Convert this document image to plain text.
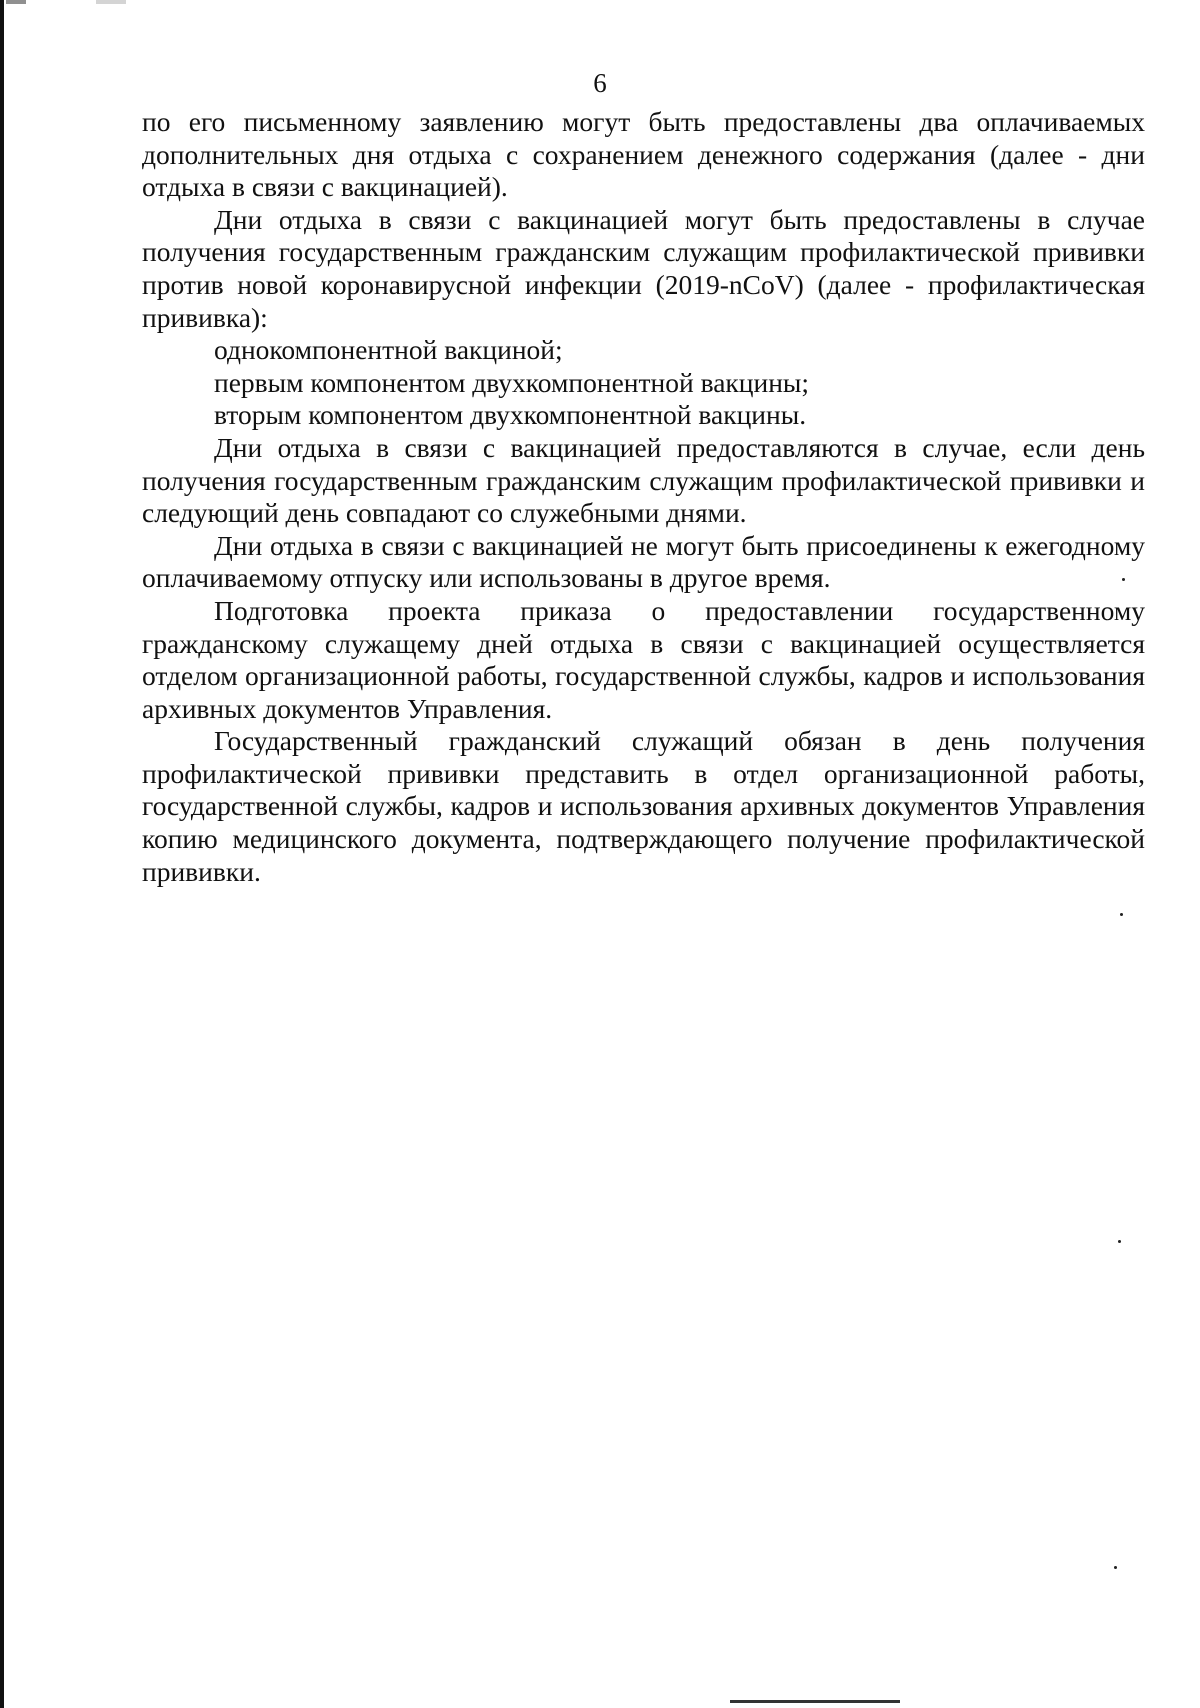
6

по его письменному заявлению могут быть предоставлены два оплачиваемых дополнительных дня отдыха с сохранением денежного содержания (далее - дни отдыха в связи с вакцинацией).

Дни отдыха в связи с вакцинацией могут быть предоставлены в случае получения государственным гражданским служащим профилактической прививки против новой коронавирусной инфекции (2019-nCoV) (далее - профилактическая прививка):

однокомпонентной вакциной;

первым компонентом двухкомпонентной вакцины;

вторым компонентом двухкомпонентной вакцины.

Дни отдыха в связи с вакцинацией предоставляются в случае, если день получения государственным гражданским служащим профилактической прививки и следующий день совпадают со служебными днями.

Дни отдыха в связи с вакцинацией не могут быть присоединены к ежегодному оплачиваемому отпуску или использованы в другое время.

Подготовка проекта приказа о предоставлении государственному гражданскому служащему дней отдыха в связи с вакцинацией осуществляется отделом организационной работы, государственной службы, кадров и использования архивных документов Управления.

Государственный гражданский служащий обязан в день получения профилактической прививки представить в отдел организационной работы, государственной службы, кадров и использования архивных документов Управления копию медицинского документа, подтверждающего получение профилактической прививки.
